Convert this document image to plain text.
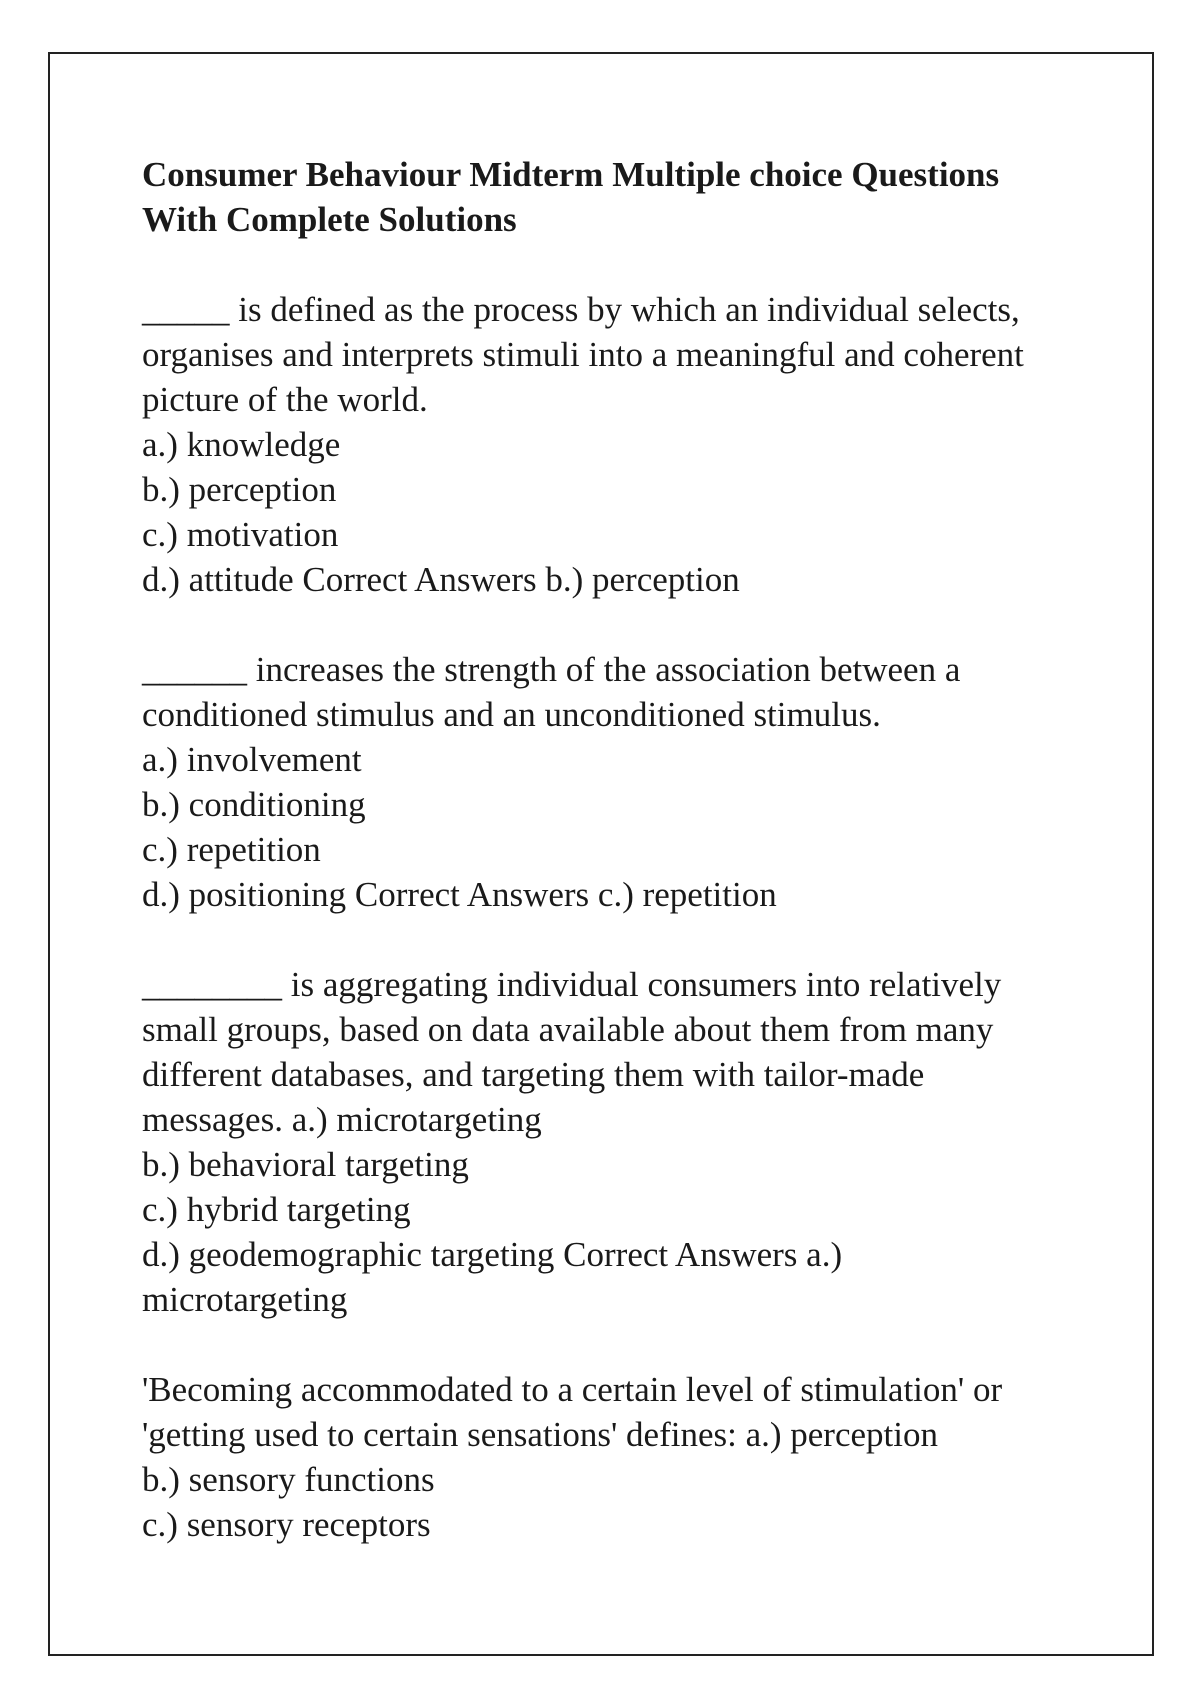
Consumer Behaviour Midterm Multiple choice Questions
With Complete Solutions
_____ is defined as the process by which an individual selects,
organises and interprets stimuli into a meaningful and coherent
picture of the world.
a.) knowledge
b.) perception
c.) motivation
d.) attitude Correct Answers b.) perception
______ increases the strength of the association between a
conditioned stimulus and an unconditioned stimulus.
a.) involvement
b.) conditioning
c.) repetition
d.) positioning Correct Answers c.) repetition
________ is aggregating individual consumers into relatively
small groups, based on data available about them from many
different databases, and targeting them with tailor-made
messages. a.) microtargeting
b.) behavioral targeting
c.) hybrid targeting
d.) geodemographic targeting Correct Answers a.)
microtargeting
'Becoming accommodated to a certain level of stimulation' or
'getting used to certain sensations' defines: a.) perception
b.) sensory functions
c.) sensory receptors
